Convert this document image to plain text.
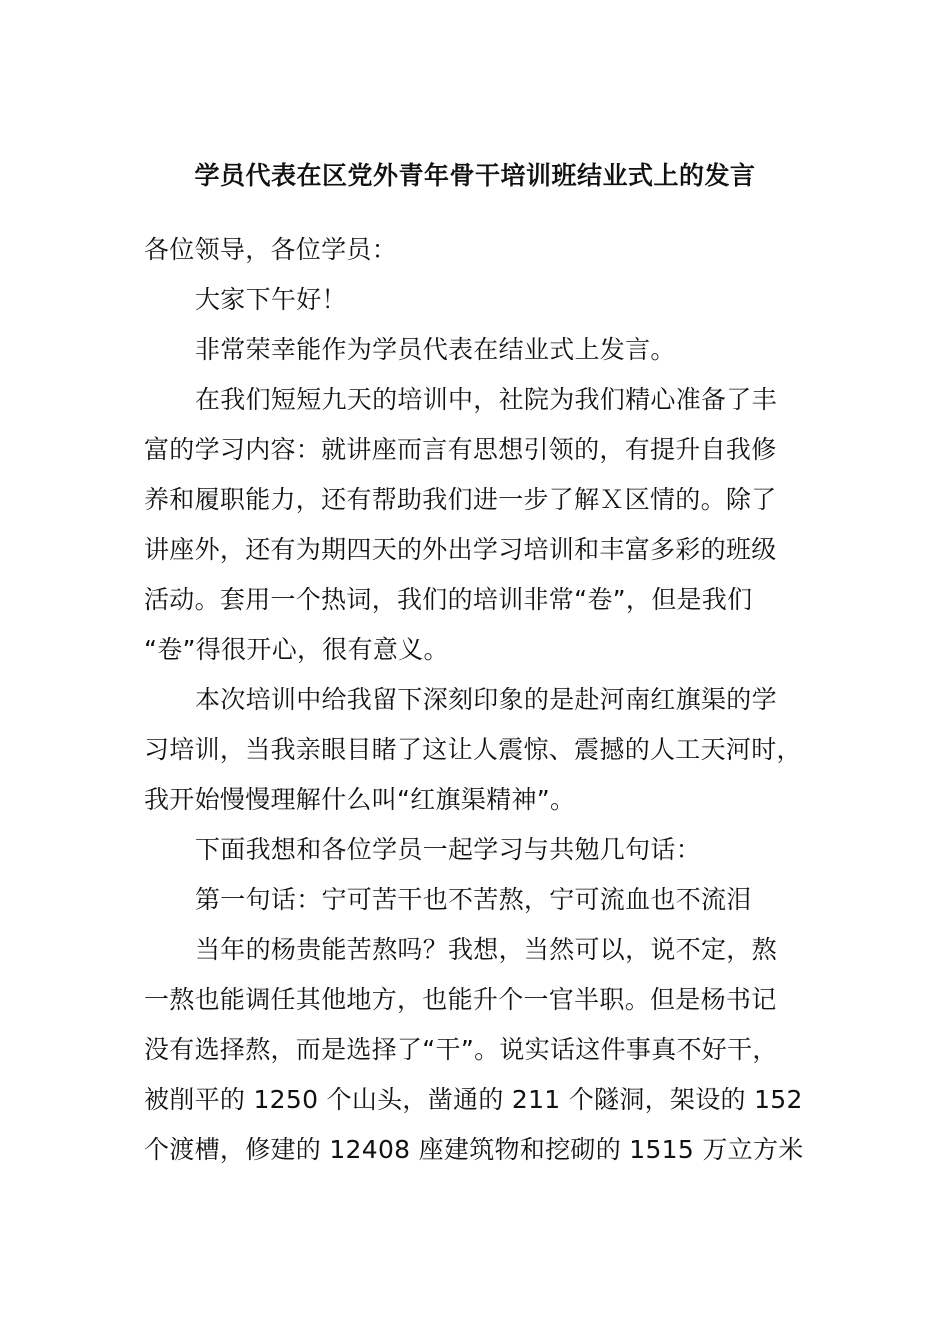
学员代表在区党外青年骨干培训班结业式上的发言
各位领导，各位学员：
大家下午好！
非常荣幸能作为学员代表在结业式上发言。
在我们短短九天的培训中，社院为我们精心准备了丰
富的学习内容：就讲座而言有思想引领的，有提升自我修
养和履职能力，还有帮助我们进一步了解Ｘ区情的。除了
讲座外，还有为期四天的外出学习培训和丰富多彩的班级
活动。套用一个热词，我们的培训非常“卷”，但是我们
“卷”得很开心，很有意义。
本次培训中给我留下深刻印象的是赴河南红旗渠的学
习培训，当我亲眼目睹了这让人震惊、震撼的人工天河时，
我开始慢慢理解什么叫“红旗渠精神”。
下面我想和各位学员一起学习与共勉几句话：
第一句话：宁可苦干也不苦熬，宁可流血也不流泪
当年的杨贵能苦熬吗？我想，当然可以，说不定，熬
一熬也能调任其他地方，也能升个一官半职。但是杨书记
没有选择熬，而是选择了“干”。说实话这件事真不好干，
被削平的 1250 个山头，凿通的 211 个隧洞，架设的 152
个渡槽，修建的 12408 座建筑物和挖砌的 1515 万立方米
